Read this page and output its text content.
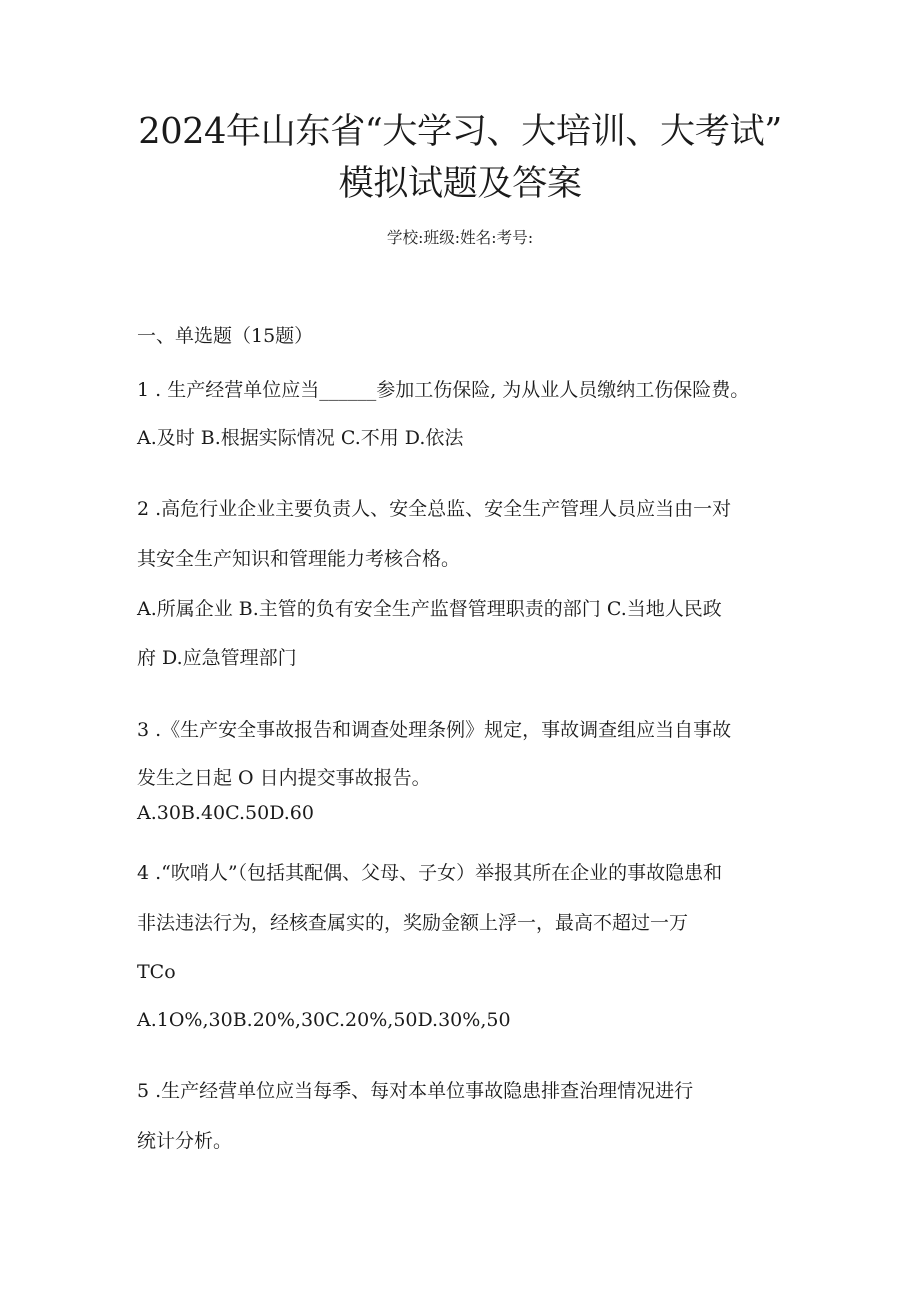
2024年山东省“大学习、大培训、大考试”
模拟试题及答案
学校:班级:姓名:考号:
一、单选题（15题）
1 . 生产经营单位应当______参加工伤保险, 为从业人员缴纳工伤保险费。
A.及时 B.根据实际情况 C.不用 D.依法
2 .高危行业企业主要负责人、安全总监、安全生产管理人员应当由一对
其安全生产知识和管理能力考核合格。
A.所属企业 B.主管的负有安全生产监督管理职责的部门 C.当地人民政
府 D.应急管理部门
3 .《生产安全事故报告和调查处理条例》规定，事故调查组应当自事故
发生之日起 O 日内提交事故报告。
A.30B.40C.50D.60
4 .“吹哨人”（包括其配偶、父母、子女）举报其所在企业的事故隐患和
非法违法行为，经核查属实的，奖励金额上浮一，最高不超过一万
TCo
A.1O%,30B.20%,30C.20%,50D.30%,50
5 .生产经营单位应当每季、每对本单位事故隐患排查治理情况进行
统计分析。
